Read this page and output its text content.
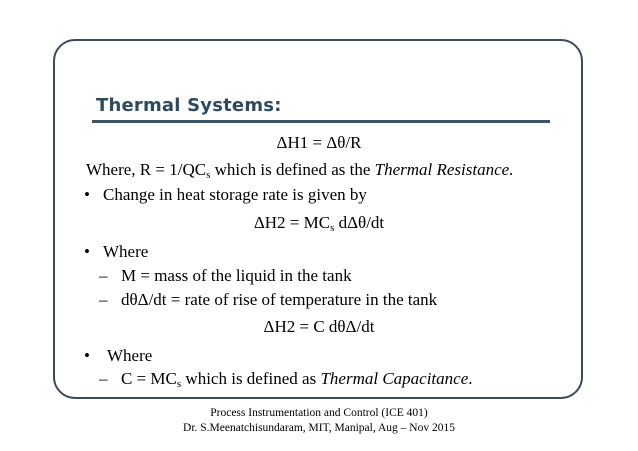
Thermal Systems:
ΔH1 = Δθ/R
Where, $R = 1/QC_s$ which is defined as the Thermal Resistance.
• Change in heat storage rate is given by
$\Delta H2 = MC_s$ dΔθ/dt
• Where
– M = mass of the liquid in the tank
– dθΔ/dt = rate of rise of temperature in the tank
ΔH2 = C dθΔ/dt
• Where
– $C = MC_s$ which is defined as Thermal Capacitance.
Process Instrumentation and Control (ICE 401)
Dr. S.Meenatchisundaram, MIT, Manipal, Aug – Nov 2015
